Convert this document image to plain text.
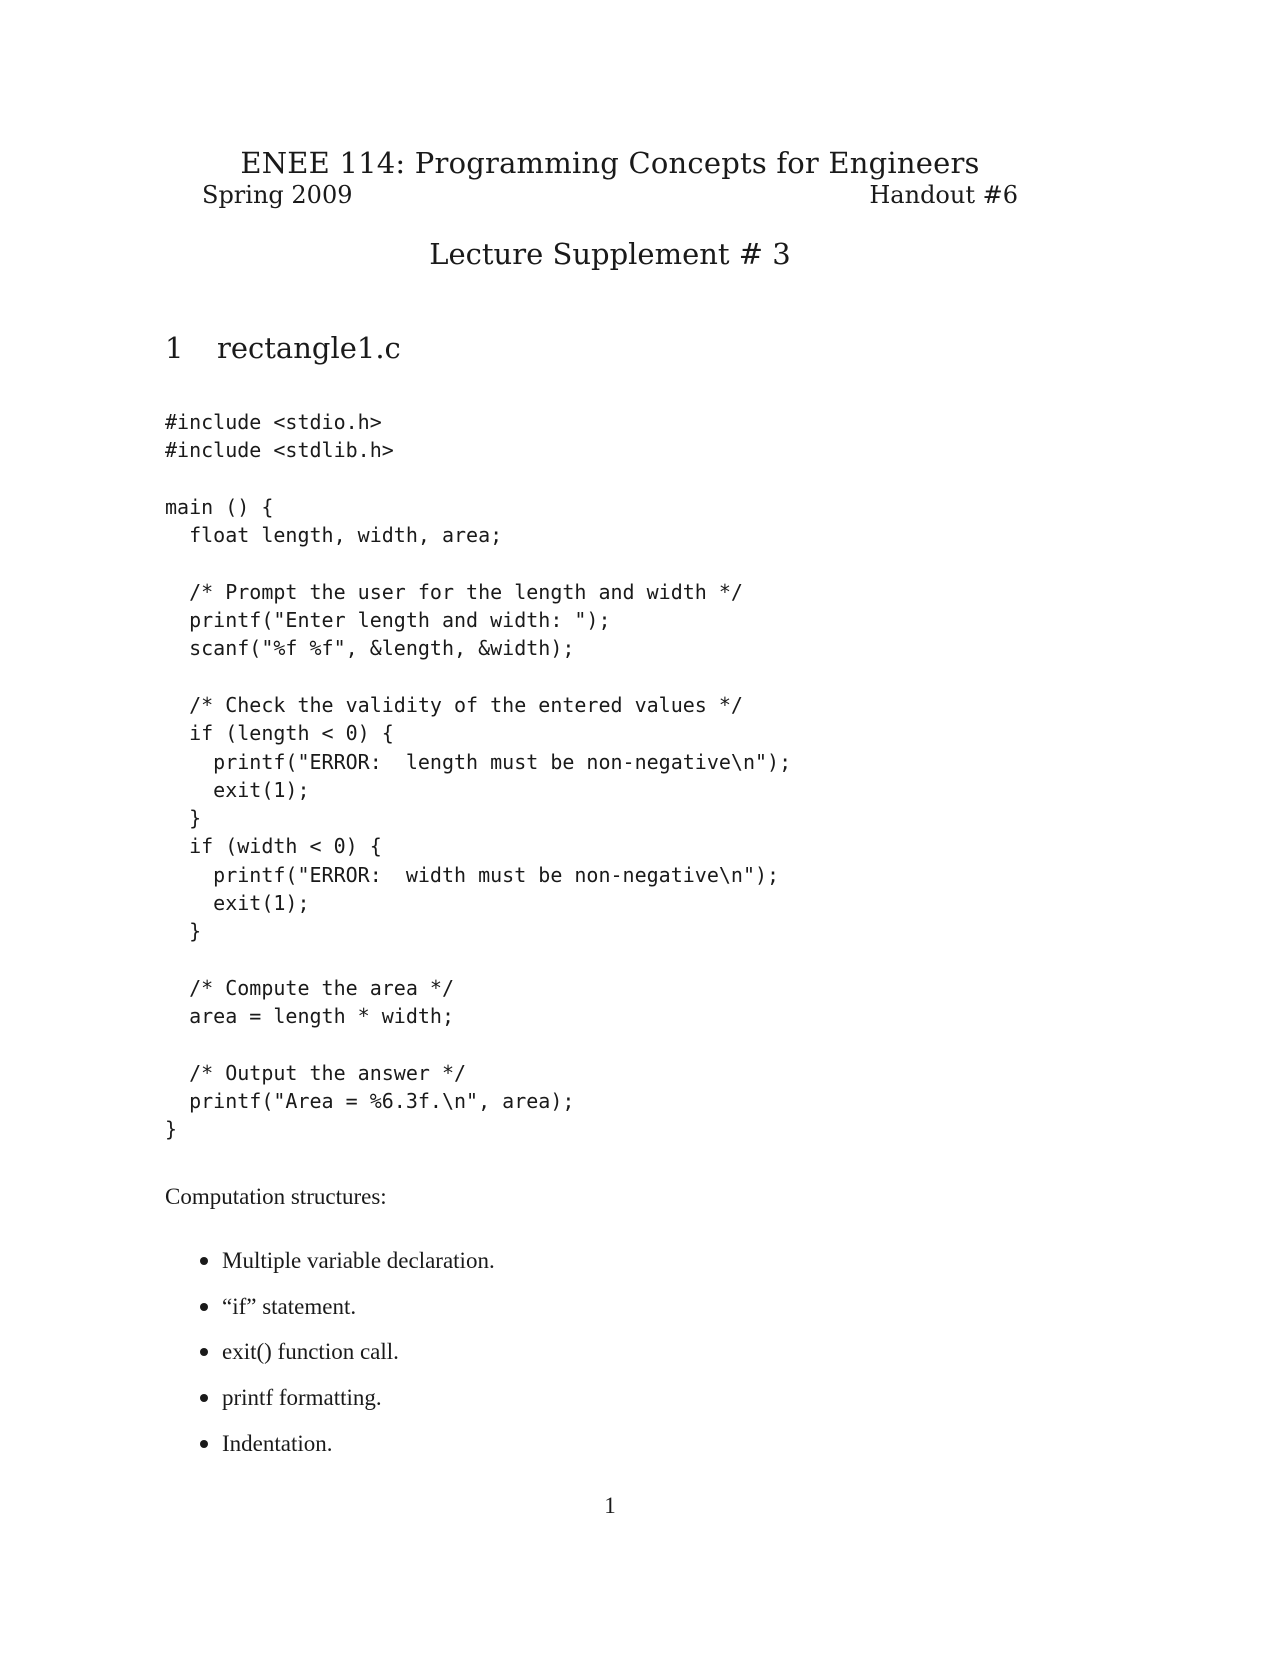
ENEE 114: Programming Concepts for Engineers
Spring 2009	Handout #6
Lecture Supplement # 3
1	rectangle1.c
#include <stdio.h>
#include <stdlib.h>
main () {
float length, width, area;
/* Prompt the user for the length and width */
printf("Enter length and width: ");
scanf("%f %f", &length, &width);
/* Check the validity of the entered values */
if (length < 0) {
printf("ERROR:  length must be non-negative\n");
exit(1);
}
if (width < 0) {
printf("ERROR:  width must be non-negative\n");
exit(1);
}
/* Compute the area */
area = length * width;
/* Output the answer */
printf("Area = %6.3f.\n", area);
}
Computation structures:
Multiple variable declaration.
“if” statement.
exit() function call.
printf formatting.
Indentation.
1
